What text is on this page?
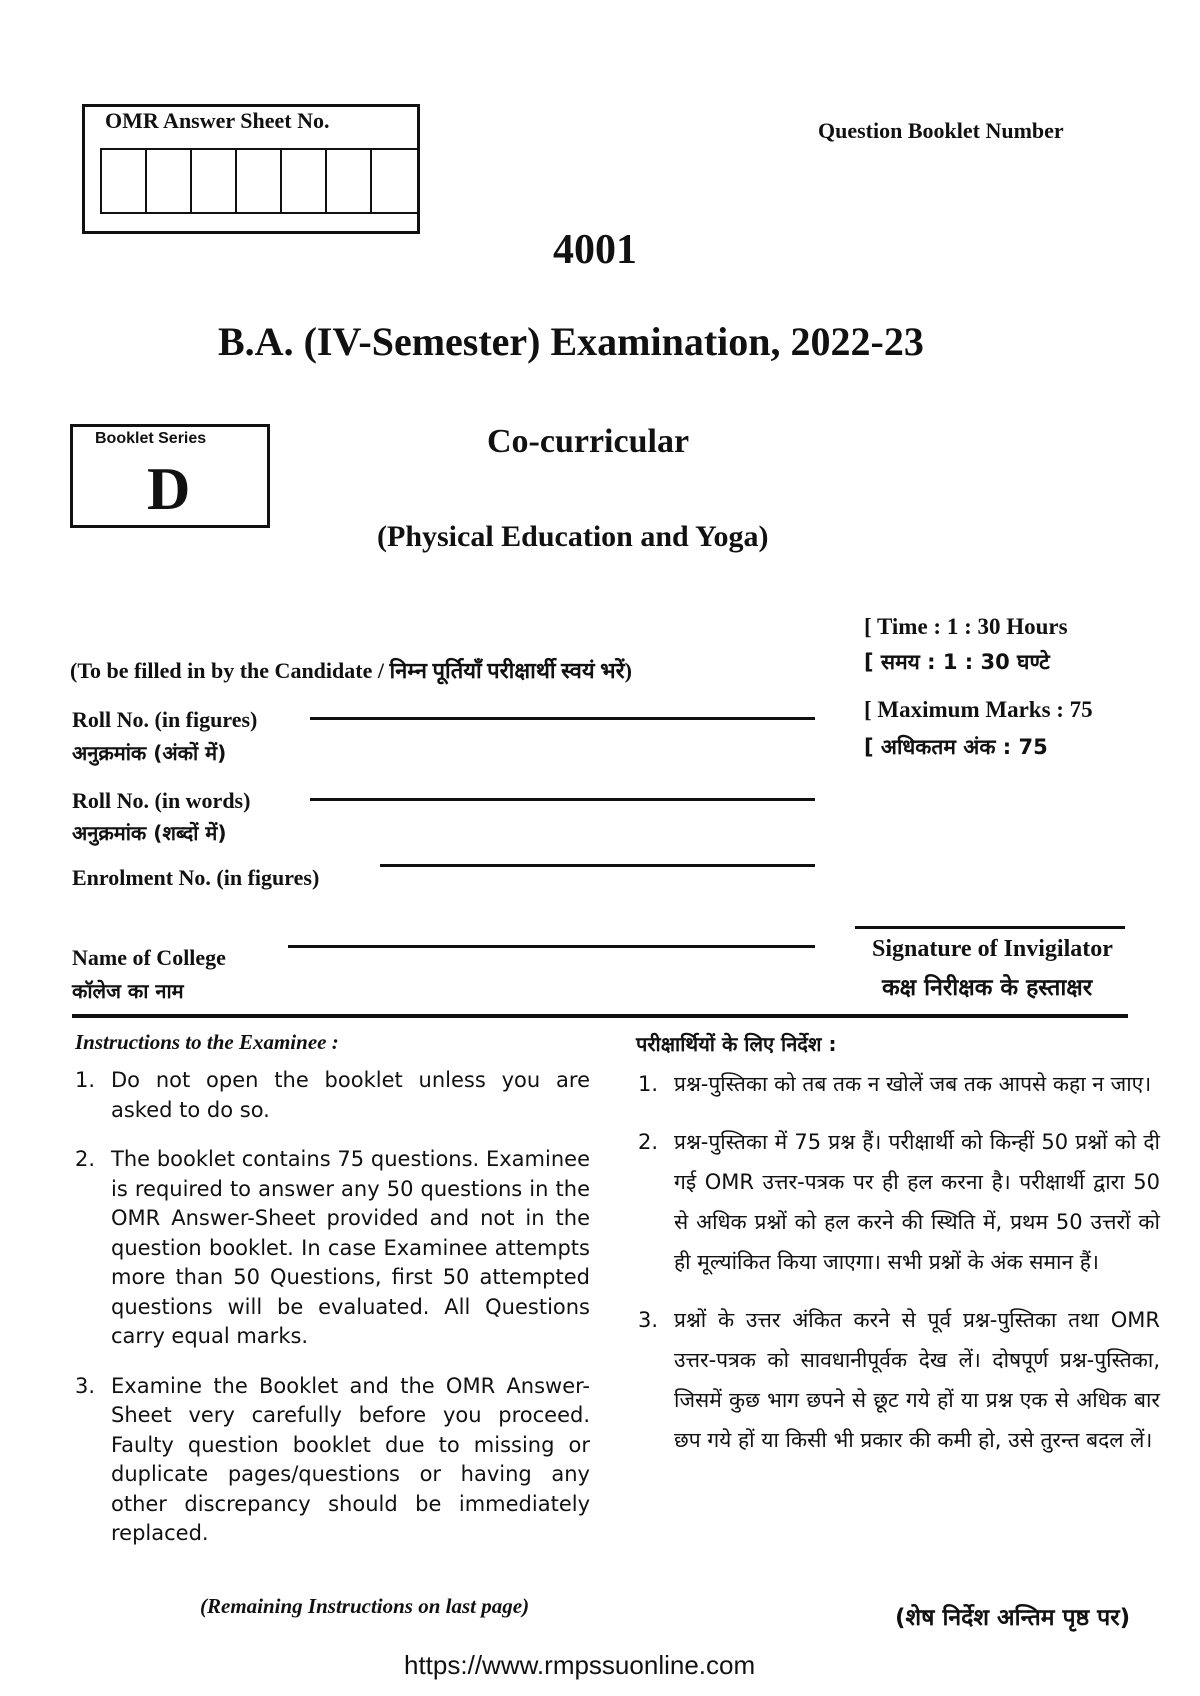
OMR Answer Sheet No.	Question Booklet Number
4001
B.A. (IV-Semester) Examination, 2022-23
Booklet Series
D
Co-curricular
(Physical Education and Yoga)
[ Time : 1 : 30 Hours
[ समय : 1 : 30 घण्टे
[ Maximum Marks : 75
[ अधिकतम अंक : 75
(To be filled in by the Candidate / निम्न पूर्तियाँ परीक्षार्थी स्वयं भरें)
Roll No. (in figures)
अनुक्रमांक (अंकों में)
Roll No. (in words)
अनुक्रमांक (शब्दों में)
Enrolment No. (in figures)
Name of College
कॉलेज का नाम
Signature of Invigilator
कक्ष निरीक्षक के हस्ताक्षर
Instructions to the Examinee :
1. Do not open the booklet unless you are asked to do so.
2. The booklet contains 75 questions. Examinee is required to answer any 50 questions in the OMR Answer-Sheet provided and not in the question booklet. In case Examinee attempts more than 50 Questions, first 50 attempted questions will be evaluated. All Questions carry equal marks.
3. Examine the Booklet and the OMR Answer-Sheet very carefully before you proceed. Faulty question booklet due to missing or duplicate pages/questions or having any other discrepancy should be immediately replaced.
(Remaining Instructions on last page)
परीक्षार्थियों के लिए निर्देश :
1. प्रश्न-पुस्तिका को तब तक न खोलें जब तक आपसे कहा न जाए।
2. प्रश्न-पुस्तिका में 75 प्रश्न हैं। परीक्षार्थी को किन्हीं 50 प्रश्नों को दी गई OMR उत्तर-पत्रक पर ही हल करना है। परीक्षार्थी द्वारा 50 से अधिक प्रश्नों को हल करने की स्थिति में, प्रथम 50 उत्तरों को ही मूल्यांकित किया जाएगा। सभी प्रश्नों के अंक समान हैं।
3. प्रश्नों के उत्तर अंकित करने से पूर्व प्रश्न-पुस्तिका तथा OMR उत्तर-पत्रक को सावधानीपूर्वक देख लें। दोषपूर्ण प्रश्न-पुस्तिका, जिसमें कुछ भाग छपने से छूट गये हों या प्रश्न एक से अधिक बार छप गये हों या किसी भी प्रकार की कमी हो, उसे तुरन्त बदल लें।
(शेष निर्देश अन्तिम पृष्ठ पर)
https://www.rmpssuonline.com
